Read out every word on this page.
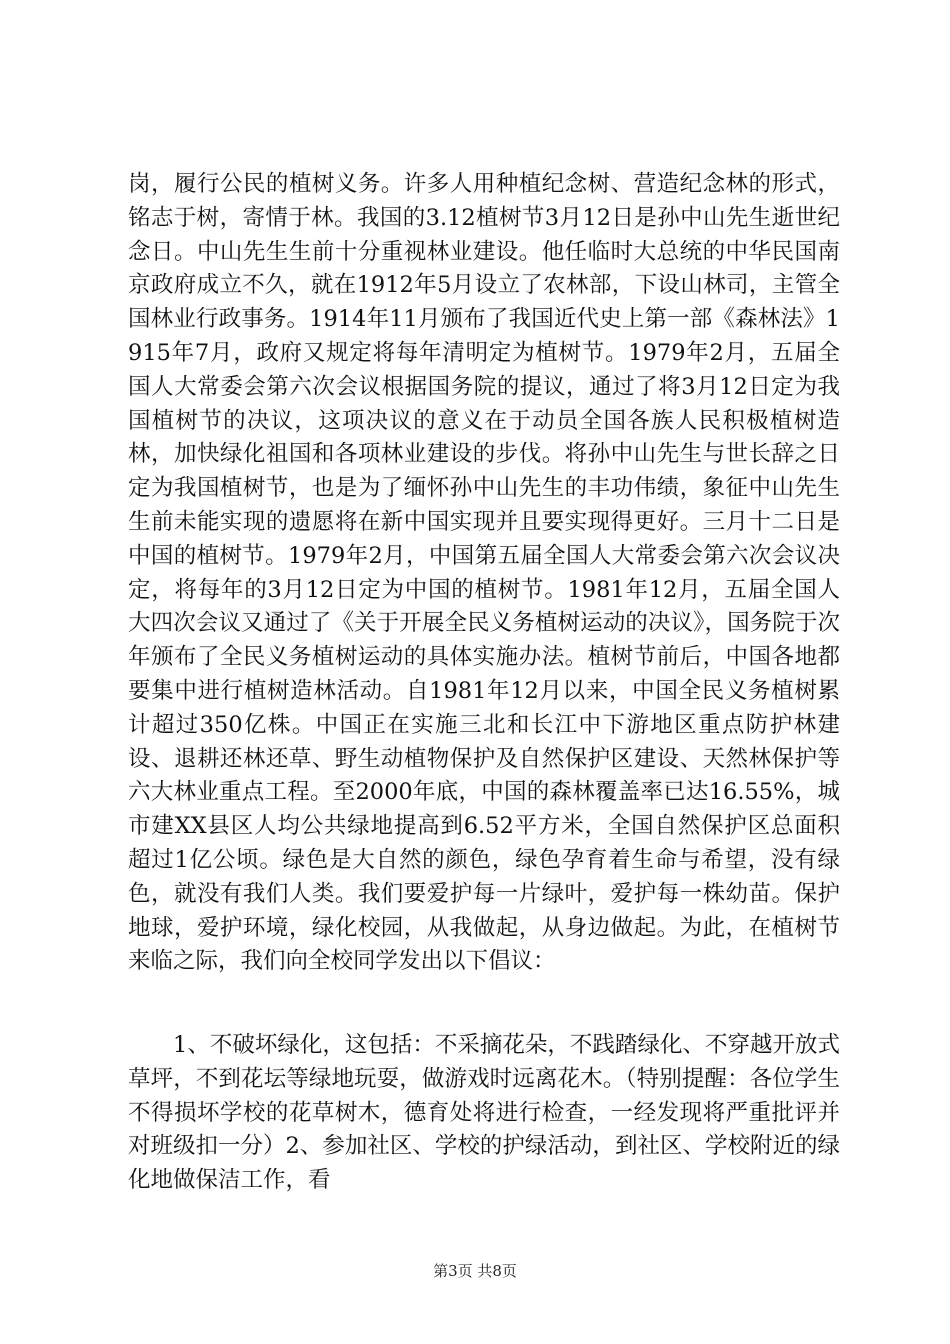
岗，履行公民的植树义务。许多人用种植纪念树、营造纪念林的形式，铭志于树，寄情于林。我国的3.12植树节3月12日是孙中山先生逝世纪念日。中山先生生前十分重视林业建设。他任临时大总统的中华民国南京政府成立不久，就在1912年5月设立了农林部，下设山林司，主管全国林业行政事务。1914年11月颁布了我国近代史上第一部《森林法》1915年7月，政府又规定将每年清明定为植树节。1979年2月，五届全国人大常委会第六次会议根据国务院的提议，通过了将3月12日定为我国植树节的决议，这项决议的意义在于动员全国各族人民积极植树造林，加快绿化祖国和各项林业建设的步伐。将孙中山先生与世长辞之日定为我国植树节，也是为了缅怀孙中山先生的丰功伟绩，象征中山先生生前未能实现的遗愿将在新中国实现并且要实现得更好。三月十二日是中国的植树节。1979年2月，中国第五届全国人大常委会第六次会议决定，将每年的3月12日定为中国的植树节。1981年12月，五届全国人大四次会议又通过了《关于开展全民义务植树运动的决议》，国务院于次年颁布了全民义务植树运动的具体实施办法。植树节前后，中国各地都要集中进行植树造林活动。自1981年12月以来，中国全民义务植树累计超过350亿株。中国正在实施三北和长江中下游地区重点防护林建设、退耕还林还草、野生动植物保护及自然保护区建设、天然林保护等六大林业重点工程。至2000年底，中国的森林覆盖率已达16.55%，城市建XX县区人均公共绿地提高到6.52平方米，全国自然保护区总面积超过1亿公顷。绿色是大自然的颜色，绿色孕育着生命与希望，没有绿色，就没有我们人类。我们要爱护每一片绿叶，爱护每一株幼苗。保护地球，爱护环境，绿化校园，从我做起，从身边做起。为此，在植树节来临之际，我们向全校同学发出以下倡议：

1、不破坏绿化，这包括：不采摘花朵，不践踏绿化、不穿越开放式草坪，不到花坛等绿地玩耍，做游戏时远离花木。（特别提醒：各位学生不得损坏学校的花草树木，德育处将进行检查，一经发现将严重批评并对班级扣一分）2、参加社区、学校的护绿活动，到社区、学校附近的绿化地做保洁工作，看

第3页 共8页
